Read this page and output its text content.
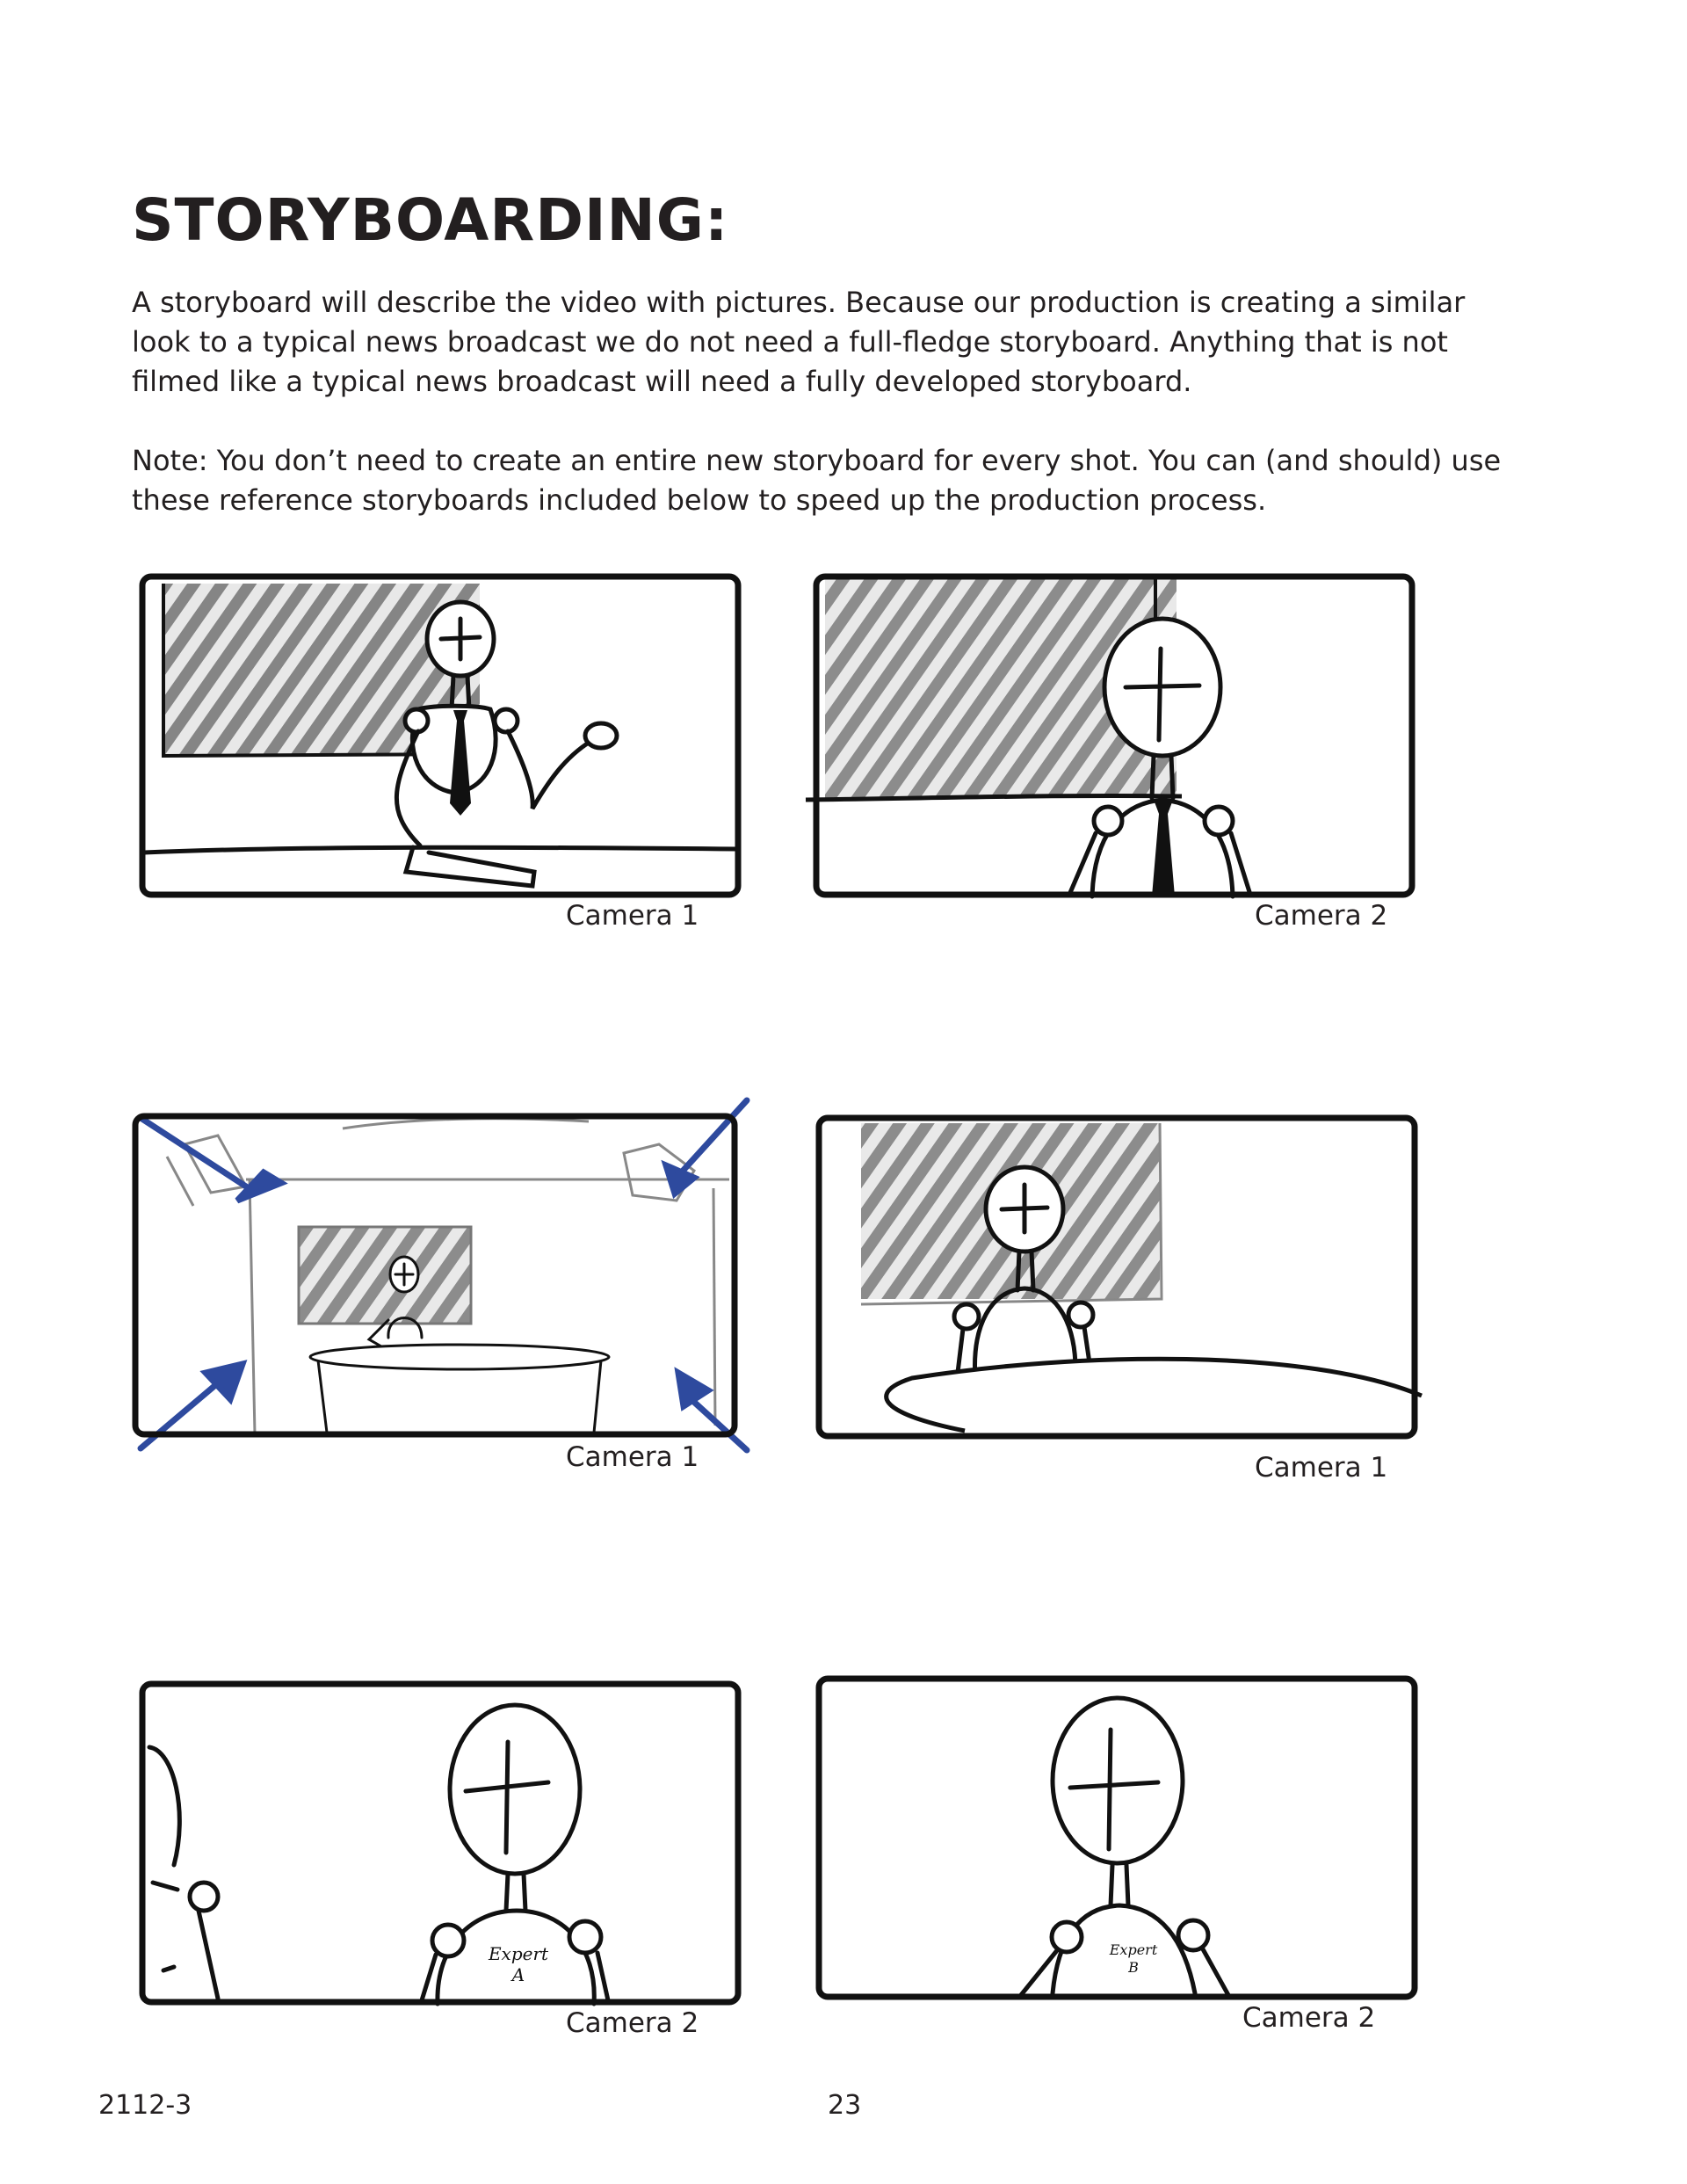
STORYBOARDING:

A storyboard will describe the video with pictures. Because our production is creating a similar look to a typical news broadcast we do not need a full-fledge storyboard. Anything that is not filmed like a typical news broadcast will need a fully developed storyboard.

Note: You don’t need to create an entire new storyboard for every shot. You can (and should) use these reference storyboards included below to speed up the production process.

Camera 1	Camera 2
Camera 1	Camera 1
Expert
A
Camera 2
Expert
B
Camera 2
2112-3	23
